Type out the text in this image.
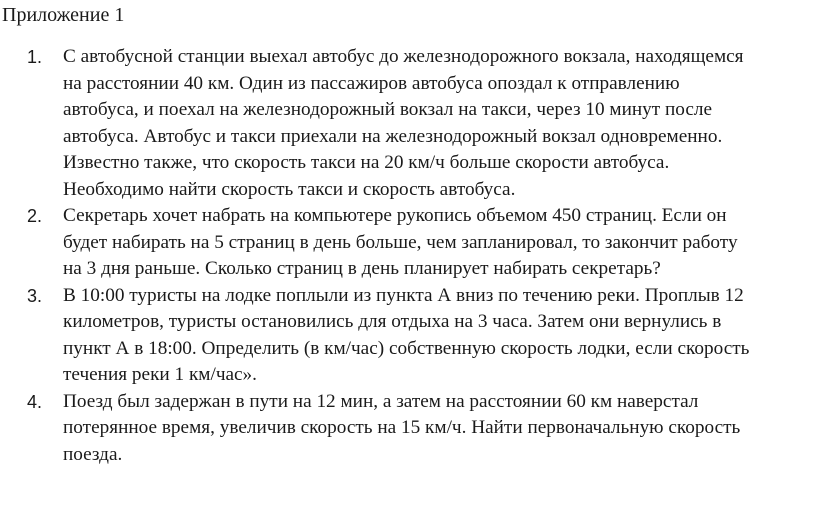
Приложение 1
1. С автобусной станции выехал автобус до железнодорожного вокзала, находящемся
на расстоянии 40 км. Один из пассажиров автобуса опоздал к отправлению
автобуса, и поехал на железнодорожный вокзал на такси, через 10 минут после
автобуса. Автобус и такси приехали на железнодорожный вокзал одновременно.
Известно также, что скорость такси на 20 км/ч больше скорости автобуса.
Необходимо найти скорость такси и скорость автобуса.
2. Секретарь хочет набрать на компьютере рукопись объемом 450 страниц. Если он
будет набирать на 5 страниц в день больше, чем запланировал, то закончит работу
на 3 дня раньше. Сколько страниц в день планирует набирать секретарь?
3. В 10:00 туристы на лодке поплыли из пункта А вниз по течению реки. Проплыв 12
километров, туристы остановились для отдыха на 3 часа. Затем они вернулись в
пункт А в 18:00. Определить (в км/час) собственную скорость лодки, если скорость
течения реки 1 км/час».
4. Поезд был задержан в пути на 12 мин, а затем на расстоянии 60 км наверстал
потерянное время, увеличив скорость на 15 км/ч. Найти первоначальную скорость
поезда.
